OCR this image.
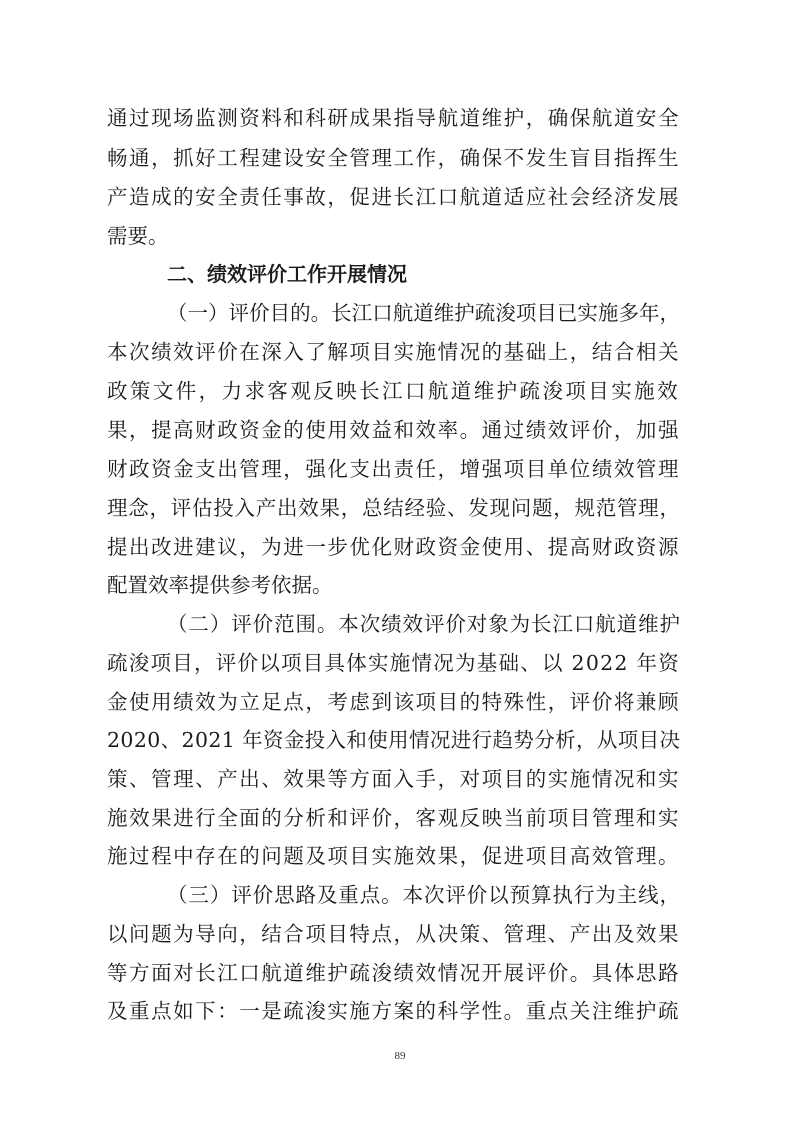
通过现场监测资料和科研成果指导航道维护，确保航道安全
畅通，抓好工程建设安全管理工作，确保不发生盲目指挥生
产造成的安全责任事故，促进长江口航道适应社会经济发展
需要。
二、绩效评价工作开展情况
（一）评价目的。长江口航道维护疏浚项目已实施多年，
本次绩效评价在深入了解项目实施情况的基础上，结合相关
政策文件，力求客观反映长江口航道维护疏浚项目实施效
果，提高财政资金的使用效益和效率。通过绩效评价，加强
财政资金支出管理，强化支出责任，增强项目单位绩效管理
理念，评估投入产出效果，总结经验、发现问题，规范管理，
提出改进建议，为进一步优化财政资金使用、提高财政资源
配置效率提供参考依据。
（二）评价范围。本次绩效评价对象为长江口航道维护
疏浚项目，评价以项目具体实施情况为基础、以 2022 年资
金使用绩效为立足点，考虑到该项目的特殊性，评价将兼顾
2020、2021 年资金投入和使用情况进行趋势分析，从项目决
策、管理、产出、效果等方面入手，对项目的实施情况和实
施效果进行全面的分析和评价，客观反映当前项目管理和实
施过程中存在的问题及项目实施效果，促进项目高效管理。
（三）评价思路及重点。本次评价以预算执行为主线，
以问题为导向，结合项目特点，从决策、管理、产出及效果
等方面对长江口航道维护疏浚绩效情况开展评价。具体思路
及重点如下：一是疏浚实施方案的科学性。重点关注维护疏
89
